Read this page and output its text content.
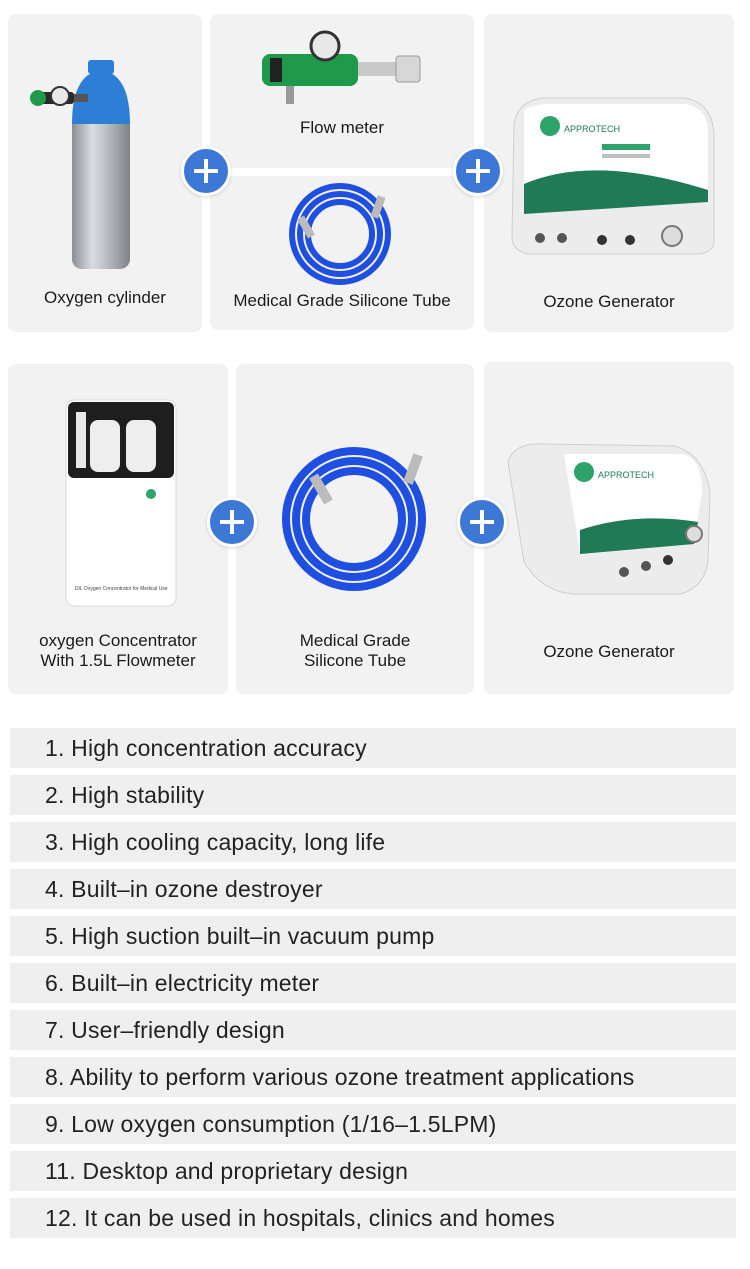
Oxygen cylinder
Flow meter
Medical Grade Silicone Tube
APPROTECH
Ozone Generator
10L Oxygen Concentrator for Medical Use
oxygen Concentrator
With 1.5L Flowmeter
Medical Grade
Silicone Tube
APPROTECH
Ozone Generator
1. High concentration accuracy
2. High stability
3. High cooling capacity, long life
4. Built–in ozone destroyer
5. High suction built–in vacuum pump
6. Built–in electricity meter
7. User–friendly design
8. Ability to perform various ozone treatment applications
9. Low oxygen consumption (1/16–1.5LPM)
11. Desktop and proprietary design
12. It can be used in hospitals, clinics and homes
